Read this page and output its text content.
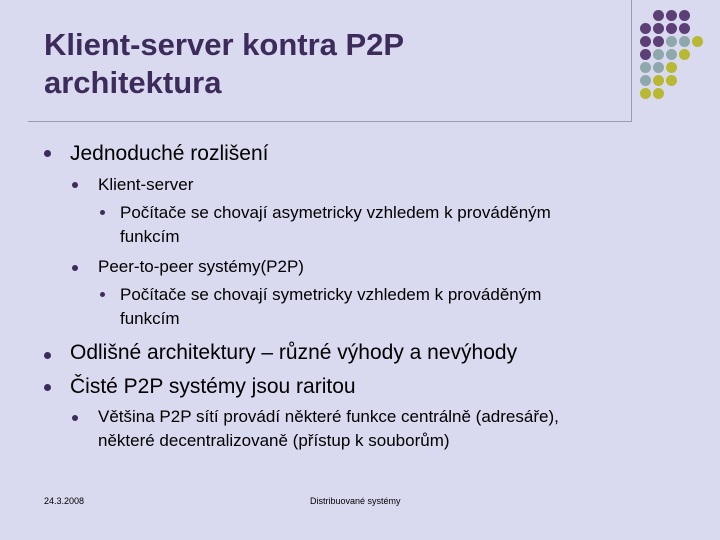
Klient-server kontra P2P
architektura
Jednoduché rozlišení
Klient-server
Počítače se chovají asymetricky vzhledem k prováděným
funkcím
Peer-to-peer systémy(P2P)
Počítače se chovají symetricky vzhledem k prováděným
funkcím
Odlišné architektury – různé výhody a nevýhody
Čisté P2P systémy jsou raritou
Většina P2P sítí provádí některé funkce centrálně (adresáře),
některé decentralizovaně (přístup k souborům)
24.3.2008	Distribuované systémy
